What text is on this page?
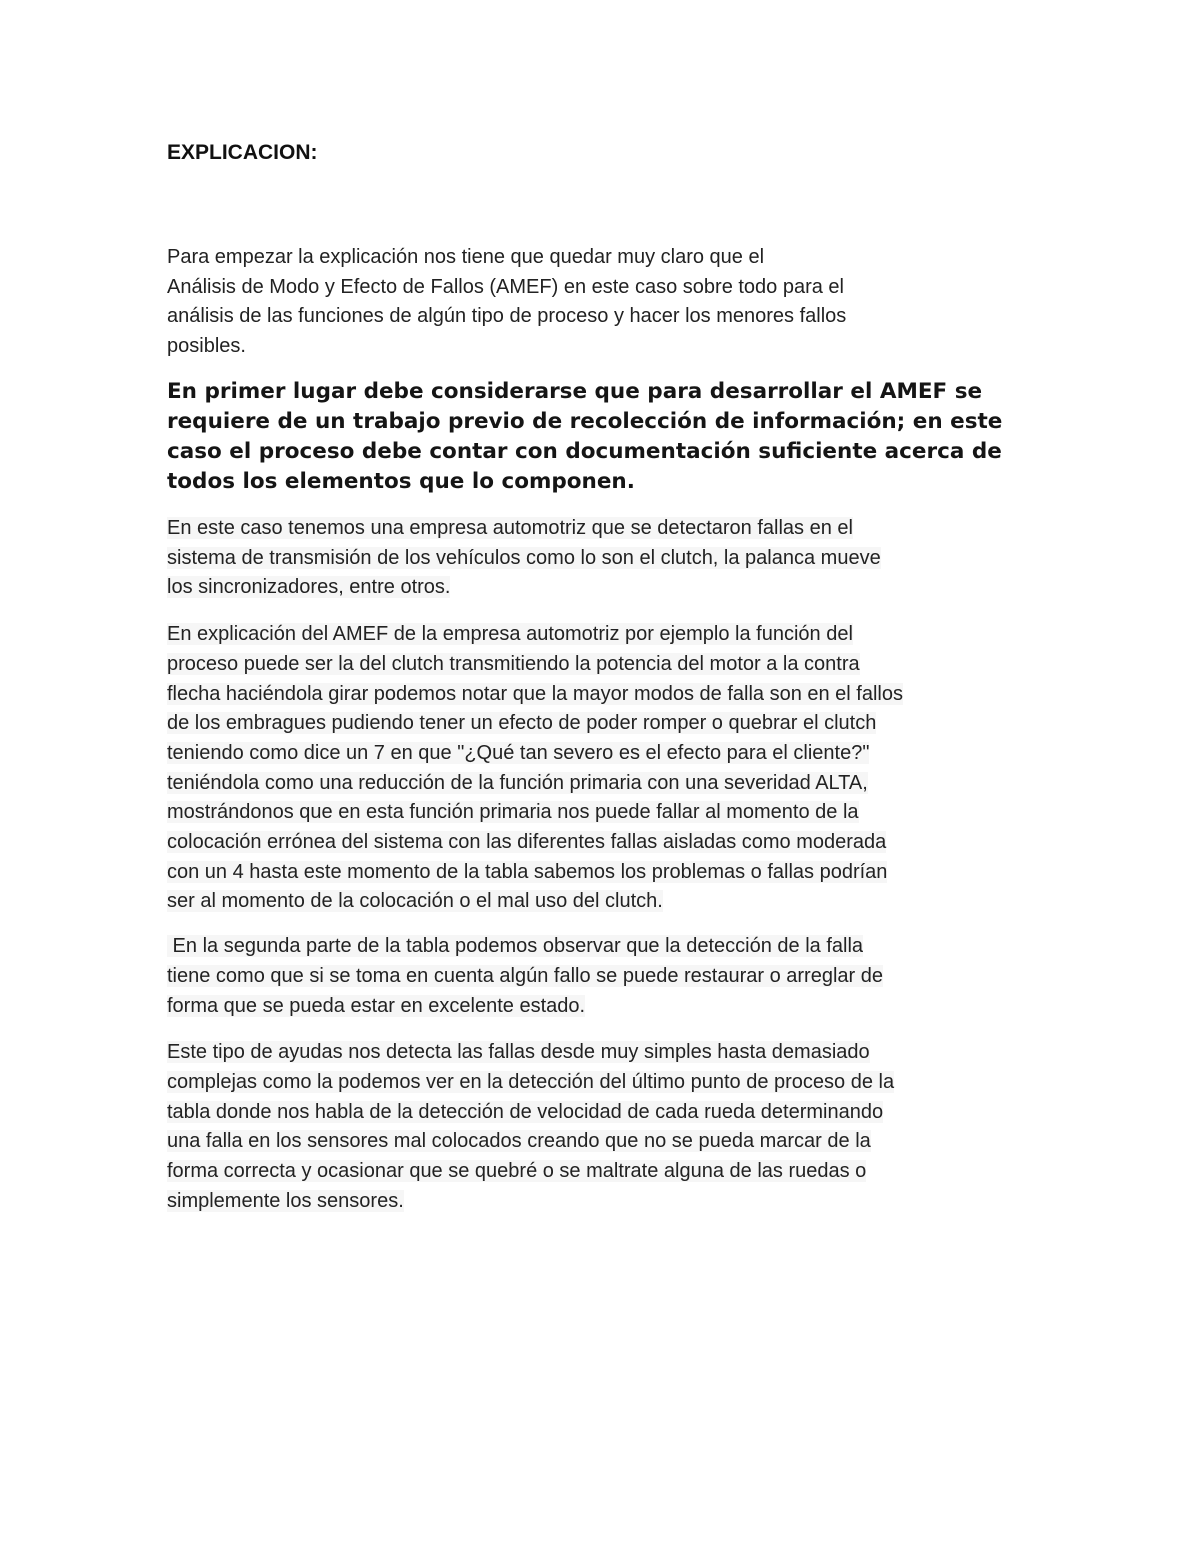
EXPLICACION:

Para empezar la explicación nos tiene que quedar muy claro que el
Análisis de Modo y Efecto de Fallos (AMEF) en este caso sobre todo para el
análisis de las funciones de algún tipo de proceso y hacer los menores fallos
posibles.

En primer lugar debe considerarse que para desarrollar el AMEF se
requiere de un trabajo previo de recolección de información; en este
caso el proceso debe contar con documentación suficiente acerca de
todos los elementos que lo componen.

En este caso tenemos una empresa automotriz que se detectaron fallas en el
sistema de transmisión de los vehículos como lo son el clutch, la palanca mueve
los sincronizadores, entre otros.

En explicación del AMEF de la empresa automotriz por ejemplo la función del
proceso puede ser la del clutch transmitiendo la potencia del motor a la contra
flecha haciéndola girar podemos notar que la mayor modos de falla son en el fallos
de los embragues pudiendo tener un efecto de poder romper o quebrar el clutch
teniendo como dice un 7 en que "¿Qué tan severo es el efecto para el cliente?"
teniéndola como una reducción de la función primaria con una severidad ALTA,
mostrándonos que en esta función primaria nos puede fallar al momento de la
colocación errónea del sistema con las diferentes fallas aisladas como moderada
con un 4 hasta este momento de la tabla sabemos los problemas o fallas podrían
ser al momento de la colocación o el mal uso del clutch.

En la segunda parte de la tabla podemos observar que la detección de la falla
tiene como que si se toma en cuenta algún fallo se puede restaurar o arreglar de
forma que se pueda estar en excelente estado.

Este tipo de ayudas nos detecta las fallas desde muy simples hasta demasiado
complejas como la podemos ver en la detección del último punto de proceso de la
tabla donde nos habla de la detección de velocidad de cada rueda determinando
una falla en los sensores mal colocados creando que no se pueda marcar de la
forma correcta y ocasionar que se quebré o se maltrate alguna de las ruedas o
simplemente los sensores.
